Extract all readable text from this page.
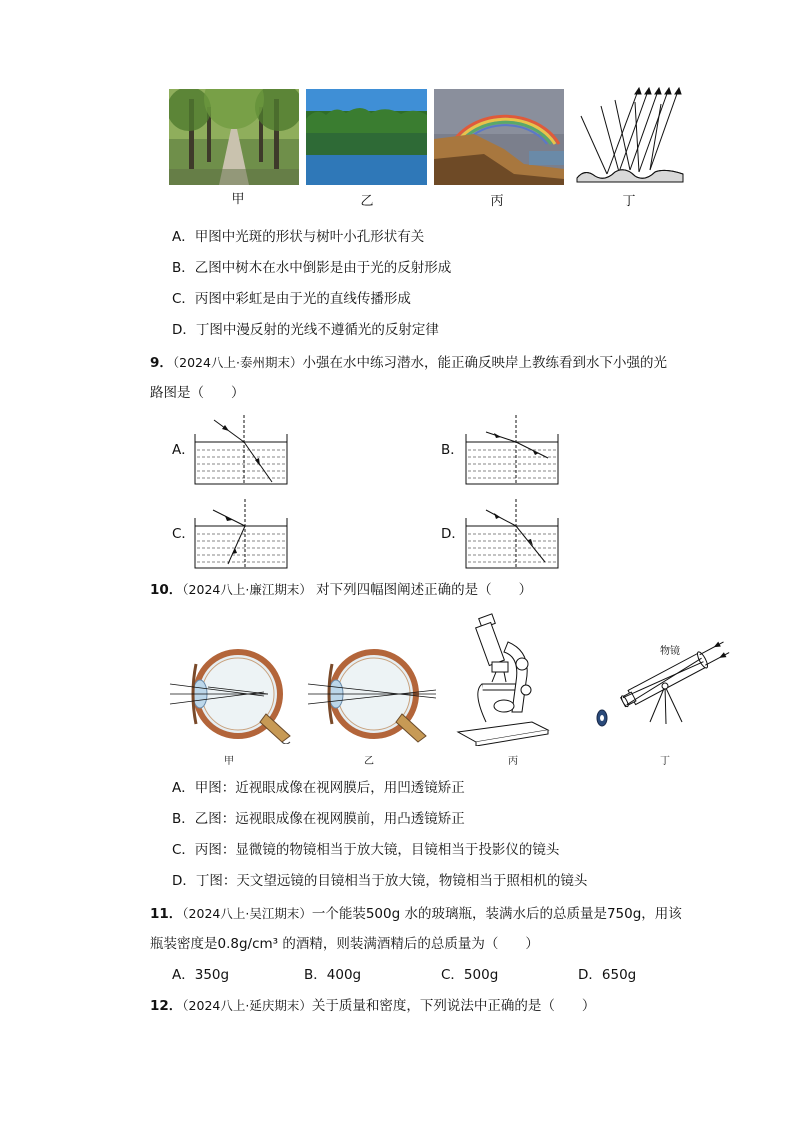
甲	乙	丙	丁
A．甲图中光斑的形状与树叶小孔形状有关
B．乙图中树木在水中倒影是由于光的反射形成
C．丙图中彩虹是由于光的直线传播形成
D．丁图中漫反射的光线不遵循光的反射定律
9．（2024八上·泰州期末）小强在水中练习潜水，能正确反映岸上教练看到水下小强的光
路图是（　　）
A．	B．
C．	D．
10．（2024八上·廉江期末） 对下列四幅图阐述正确的是（　　）
物镜
甲	乙	丙	丁
A．甲图：近视眼成像在视网膜后，用凹透镜矫正
B．乙图：远视眼成像在视网膜前，用凸透镜矫正
C．丙图：显微镜的物镜相当于放大镜，目镜相当于投影仪的镜头
D．丁图：天文望远镜的目镜相当于放大镜，物镜相当于照相机的镜头
11．（2024八上·吴江期末）一个能装500g 水的玻璃瓶，装满水后的总质量是750g，用该
瓶装密度是0.8g/cm³ 的酒精，则装满酒精后的总质量为（　　）
A．350g	B．400g	C．500g	D．650g
12．（2024八上·延庆期末）关于质量和密度，下列说法中正确的是（　　）
